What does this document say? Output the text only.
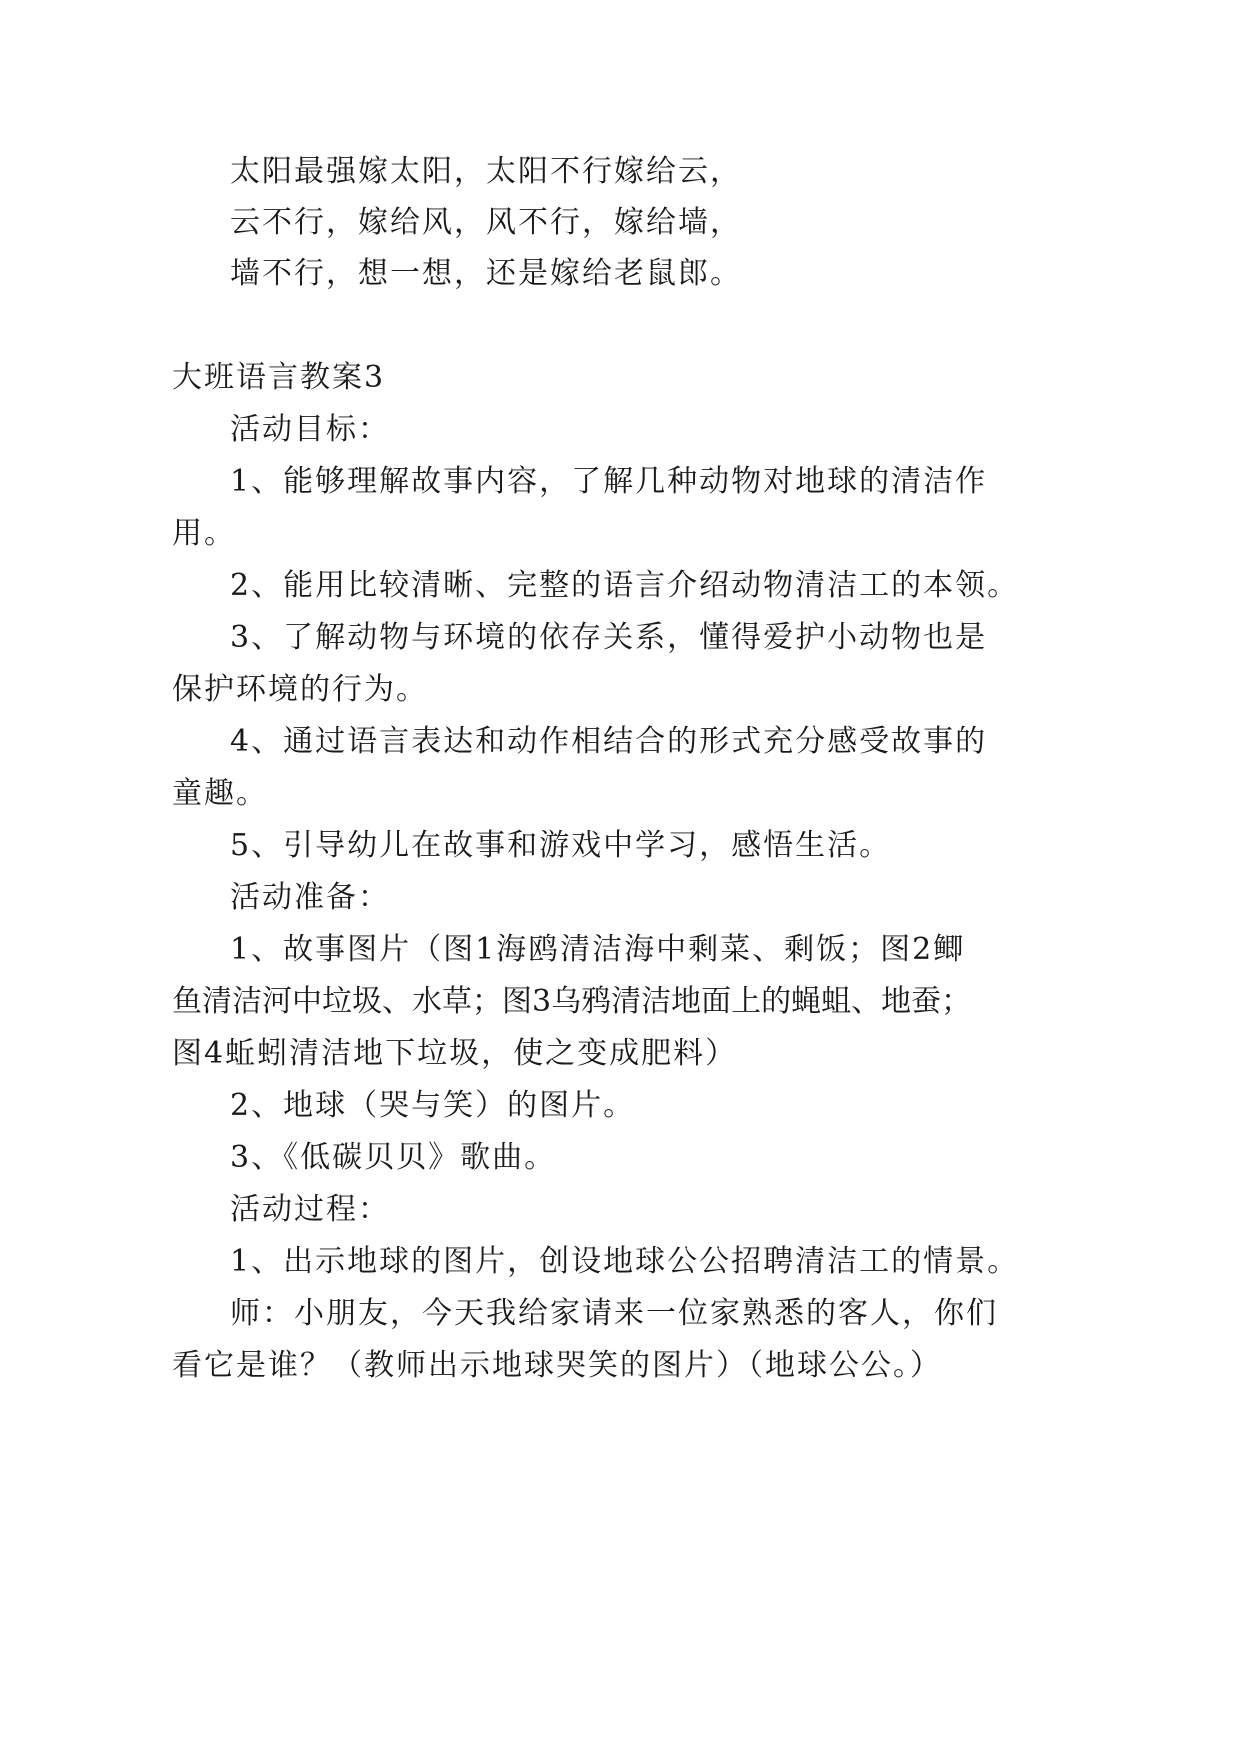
太阳最强嫁太阳，太阳不行嫁给云，
云不行，嫁给风，风不行，嫁给墙，
墙不行，想一想，还是嫁给老鼠郎。
大班语言教案3
活动目标：
1、能够理解故事内容，了解几种动物对地球的清洁作
用。
2、能用比较清晰、完整的语言介绍动物清洁工的本领。
3、了解动物与环境的依存关系，懂得爱护小动物也是
保护环境的行为。
4、通过语言表达和动作相结合的形式充分感受故事的
童趣。
5、引导幼儿在故事和游戏中学习，感悟生活。
活动准备：
1、故事图片（图1海鸥清洁海中剩菜、剩饭；图2鲫
鱼清洁河中垃圾、水草；图3乌鸦清洁地面上的蝇蛆、地蚕；
图4蚯蚓清洁地下垃圾，使之变成肥料）
2、地球（哭与笑）的图片。
3、《低碳贝贝》歌曲。
活动过程：
1、出示地球的图片，创设地球公公招聘清洁工的情景。
师：小朋友，今天我给家请来一位家熟悉的客人，你们
看它是谁？（教师出示地球哭笑的图片）（地球公公。）
